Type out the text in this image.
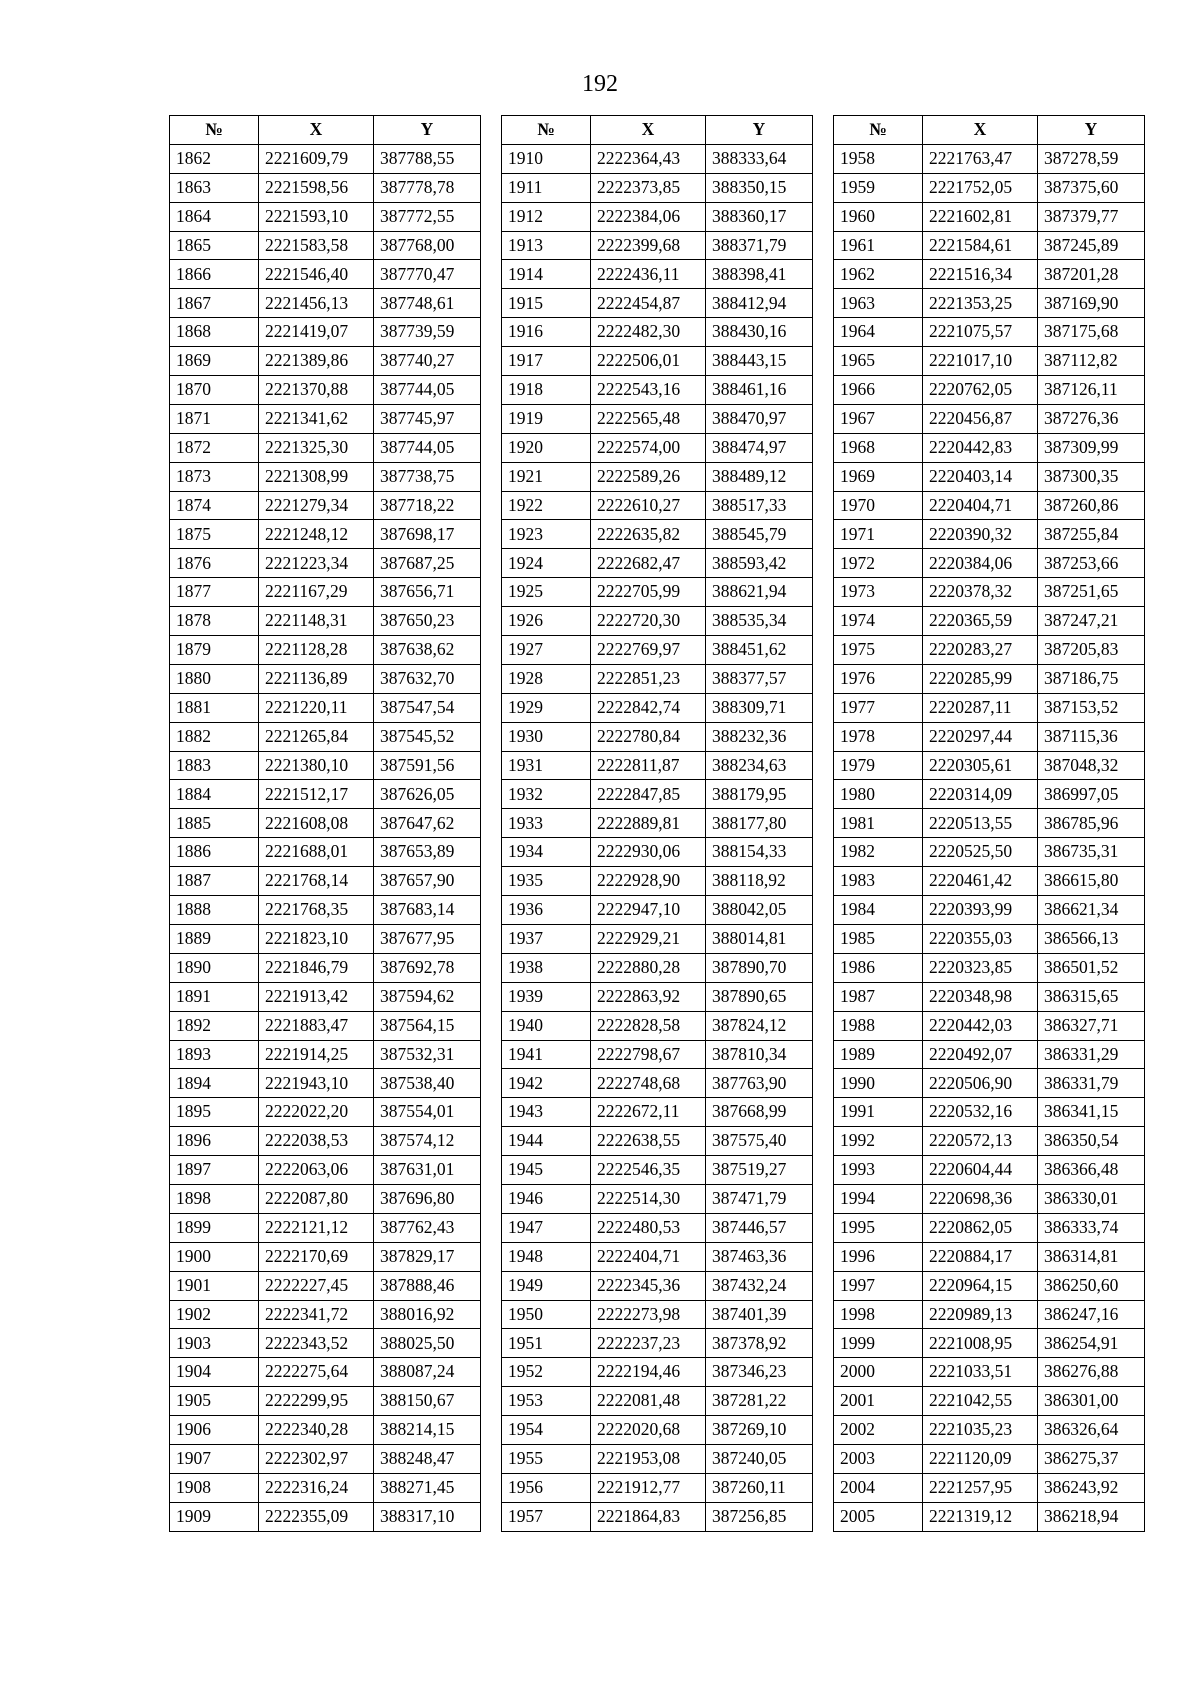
192
№	X	Y
1862	2221609,79	387788,55
1863	2221598,56	387778,78
1864	2221593,10	387772,55
1865	2221583,58	387768,00
1866	2221546,40	387770,47
1867	2221456,13	387748,61
1868	2221419,07	387739,59
1869	2221389,86	387740,27
1870	2221370,88	387744,05
1871	2221341,62	387745,97
1872	2221325,30	387744,05
1873	2221308,99	387738,75
1874	2221279,34	387718,22
1875	2221248,12	387698,17
1876	2221223,34	387687,25
1877	2221167,29	387656,71
1878	2221148,31	387650,23
1879	2221128,28	387638,62
1880	2221136,89	387632,70
1881	2221220,11	387547,54
1882	2221265,84	387545,52
1883	2221380,10	387591,56
1884	2221512,17	387626,05
1885	2221608,08	387647,62
1886	2221688,01	387653,89
1887	2221768,14	387657,90
1888	2221768,35	387683,14
1889	2221823,10	387677,95
1890	2221846,79	387692,78
1891	2221913,42	387594,62
1892	2221883,47	387564,15
1893	2221914,25	387532,31
1894	2221943,10	387538,40
1895	2222022,20	387554,01
1896	2222038,53	387574,12
1897	2222063,06	387631,01
1898	2222087,80	387696,80
1899	2222121,12	387762,43
1900	2222170,69	387829,17
1901	2222227,45	387888,46
1902	2222341,72	388016,92
1903	2222343,52	388025,50
1904	2222275,64	388087,24
1905	2222299,95	388150,67
1906	2222340,28	388214,15
1907	2222302,97	388248,47
1908	2222316,24	388271,45
1909	2222355,09	388317,10
№	X	Y
1910	2222364,43	388333,64
1911	2222373,85	388350,15
1912	2222384,06	388360,17
1913	2222399,68	388371,79
1914	2222436,11	388398,41
1915	2222454,87	388412,94
1916	2222482,30	388430,16
1917	2222506,01	388443,15
1918	2222543,16	388461,16
1919	2222565,48	388470,97
1920	2222574,00	388474,97
1921	2222589,26	388489,12
1922	2222610,27	388517,33
1923	2222635,82	388545,79
1924	2222682,47	388593,42
1925	2222705,99	388621,94
1926	2222720,30	388535,34
1927	2222769,97	388451,62
1928	2222851,23	388377,57
1929	2222842,74	388309,71
1930	2222780,84	388232,36
1931	2222811,87	388234,63
1932	2222847,85	388179,95
1933	2222889,81	388177,80
1934	2222930,06	388154,33
1935	2222928,90	388118,92
1936	2222947,10	388042,05
1937	2222929,21	388014,81
1938	2222880,28	387890,70
1939	2222863,92	387890,65
1940	2222828,58	387824,12
1941	2222798,67	387810,34
1942	2222748,68	387763,90
1943	2222672,11	387668,99
1944	2222638,55	387575,40
1945	2222546,35	387519,27
1946	2222514,30	387471,79
1947	2222480,53	387446,57
1948	2222404,71	387463,36
1949	2222345,36	387432,24
1950	2222273,98	387401,39
1951	2222237,23	387378,92
1952	2222194,46	387346,23
1953	2222081,48	387281,22
1954	2222020,68	387269,10
1955	2221953,08	387240,05
1956	2221912,77	387260,11
1957	2221864,83	387256,85
№	X	Y
1958	2221763,47	387278,59
1959	2221752,05	387375,60
1960	2221602,81	387379,77
1961	2221584,61	387245,89
1962	2221516,34	387201,28
1963	2221353,25	387169,90
1964	2221075,57	387175,68
1965	2221017,10	387112,82
1966	2220762,05	387126,11
1967	2220456,87	387276,36
1968	2220442,83	387309,99
1969	2220403,14	387300,35
1970	2220404,71	387260,86
1971	2220390,32	387255,84
1972	2220384,06	387253,66
1973	2220378,32	387251,65
1974	2220365,59	387247,21
1975	2220283,27	387205,83
1976	2220285,99	387186,75
1977	2220287,11	387153,52
1978	2220297,44	387115,36
1979	2220305,61	387048,32
1980	2220314,09	386997,05
1981	2220513,55	386785,96
1982	2220525,50	386735,31
1983	2220461,42	386615,80
1984	2220393,99	386621,34
1985	2220355,03	386566,13
1986	2220323,85	386501,52
1987	2220348,98	386315,65
1988	2220442,03	386327,71
1989	2220492,07	386331,29
1990	2220506,90	386331,79
1991	2220532,16	386341,15
1992	2220572,13	386350,54
1993	2220604,44	386366,48
1994	2220698,36	386330,01
1995	2220862,05	386333,74
1996	2220884,17	386314,81
1997	2220964,15	386250,60
1998	2220989,13	386247,16
1999	2221008,95	386254,91
2000	2221033,51	386276,88
2001	2221042,55	386301,00
2002	2221035,23	386326,64
2003	2221120,09	386275,37
2004	2221257,95	386243,92
2005	2221319,12	386218,94
